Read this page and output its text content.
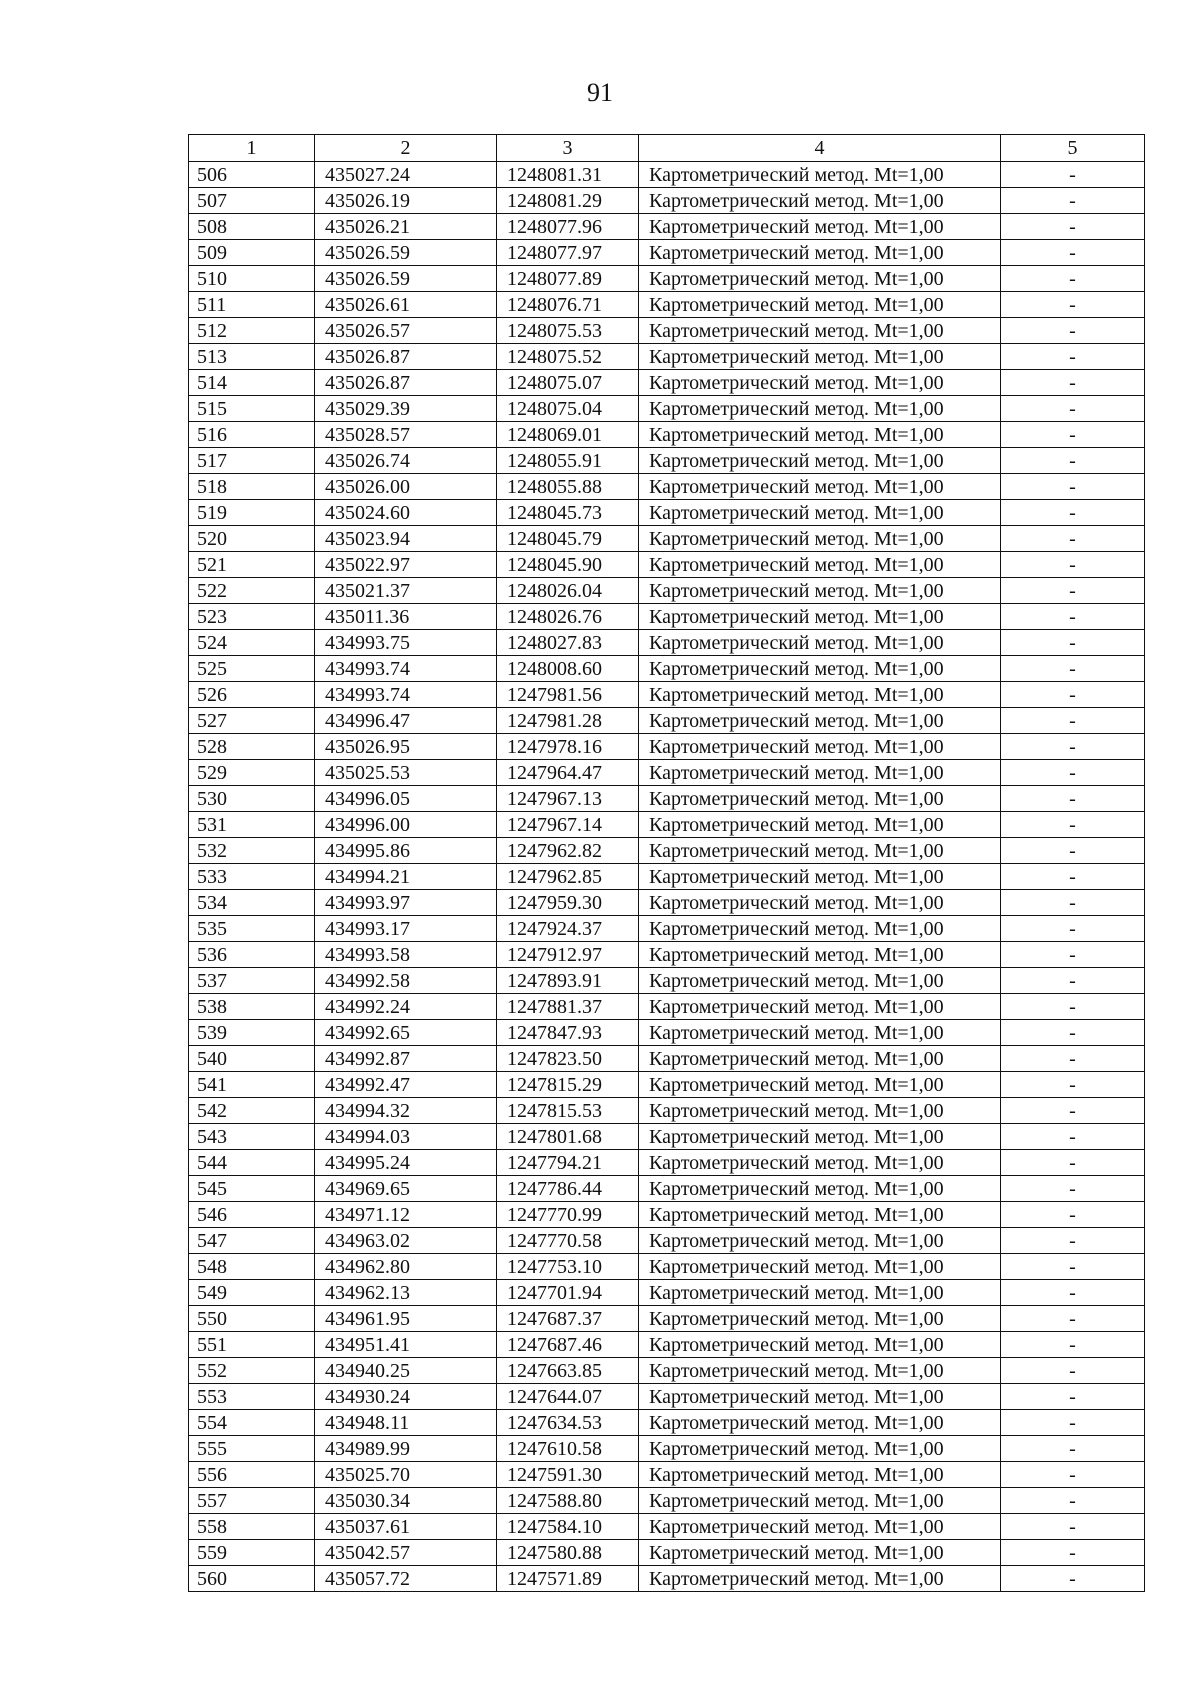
91
1	2	3	4	5
506	435027.24	1248081.31	Картометрический метод. Mt=1,00	-
507	435026.19	1248081.29	Картометрический метод. Mt=1,00	-
508	435026.21	1248077.96	Картометрический метод. Mt=1,00	-
509	435026.59	1248077.97	Картометрический метод. Mt=1,00	-
510	435026.59	1248077.89	Картометрический метод. Mt=1,00	-
511	435026.61	1248076.71	Картометрический метод. Mt=1,00	-
512	435026.57	1248075.53	Картометрический метод. Mt=1,00	-
513	435026.87	1248075.52	Картометрический метод. Mt=1,00	-
514	435026.87	1248075.07	Картометрический метод. Mt=1,00	-
515	435029.39	1248075.04	Картометрический метод. Mt=1,00	-
516	435028.57	1248069.01	Картометрический метод. Mt=1,00	-
517	435026.74	1248055.91	Картометрический метод. Mt=1,00	-
518	435026.00	1248055.88	Картометрический метод. Mt=1,00	-
519	435024.60	1248045.73	Картометрический метод. Mt=1,00	-
520	435023.94	1248045.79	Картометрический метод. Mt=1,00	-
521	435022.97	1248045.90	Картометрический метод. Mt=1,00	-
522	435021.37	1248026.04	Картометрический метод. Mt=1,00	-
523	435011.36	1248026.76	Картометрический метод. Mt=1,00	-
524	434993.75	1248027.83	Картометрический метод. Mt=1,00	-
525	434993.74	1248008.60	Картометрический метод. Mt=1,00	-
526	434993.74	1247981.56	Картометрический метод. Mt=1,00	-
527	434996.47	1247981.28	Картометрический метод. Mt=1,00	-
528	435026.95	1247978.16	Картометрический метод. Mt=1,00	-
529	435025.53	1247964.47	Картометрический метод. Mt=1,00	-
530	434996.05	1247967.13	Картометрический метод. Mt=1,00	-
531	434996.00	1247967.14	Картометрический метод. Mt=1,00	-
532	434995.86	1247962.82	Картометрический метод. Mt=1,00	-
533	434994.21	1247962.85	Картометрический метод. Mt=1,00	-
534	434993.97	1247959.30	Картометрический метод. Mt=1,00	-
535	434993.17	1247924.37	Картометрический метод. Mt=1,00	-
536	434993.58	1247912.97	Картометрический метод. Mt=1,00	-
537	434992.58	1247893.91	Картометрический метод. Mt=1,00	-
538	434992.24	1247881.37	Картометрический метод. Mt=1,00	-
539	434992.65	1247847.93	Картометрический метод. Mt=1,00	-
540	434992.87	1247823.50	Картометрический метод. Mt=1,00	-
541	434992.47	1247815.29	Картометрический метод. Mt=1,00	-
542	434994.32	1247815.53	Картометрический метод. Mt=1,00	-
543	434994.03	1247801.68	Картометрический метод. Mt=1,00	-
544	434995.24	1247794.21	Картометрический метод. Mt=1,00	-
545	434969.65	1247786.44	Картометрический метод. Mt=1,00	-
546	434971.12	1247770.99	Картометрический метод. Mt=1,00	-
547	434963.02	1247770.58	Картометрический метод. Mt=1,00	-
548	434962.80	1247753.10	Картометрический метод. Mt=1,00	-
549	434962.13	1247701.94	Картометрический метод. Mt=1,00	-
550	434961.95	1247687.37	Картометрический метод. Mt=1,00	-
551	434951.41	1247687.46	Картометрический метод. Mt=1,00	-
552	434940.25	1247663.85	Картометрический метод. Mt=1,00	-
553	434930.24	1247644.07	Картометрический метод. Mt=1,00	-
554	434948.11	1247634.53	Картометрический метод. Mt=1,00	-
555	434989.99	1247610.58	Картометрический метод. Mt=1,00	-
556	435025.70	1247591.30	Картометрический метод. Mt=1,00	-
557	435030.34	1247588.80	Картометрический метод. Mt=1,00	-
558	435037.61	1247584.10	Картометрический метод. Mt=1,00	-
559	435042.57	1247580.88	Картометрический метод. Mt=1,00	-
560	435057.72	1247571.89	Картометрический метод. Mt=1,00	-
